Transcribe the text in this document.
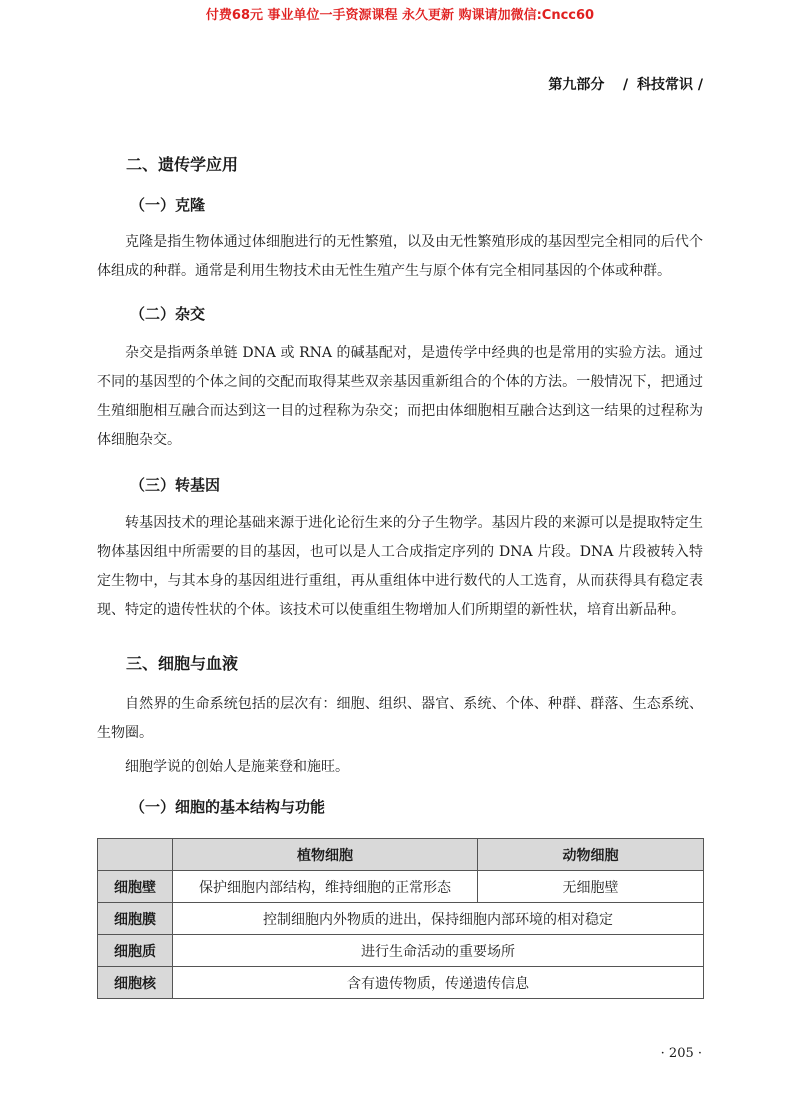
付费68元 事业单位一手资源课程 永久更新 购课请加微信:Cncc60
第九部分   / 科技常识 /
二、遗传学应用
（一）克隆

克隆是指生物体通过体细胞进行的无性繁殖，以及由无性繁殖形成的基因型完全相同的后代个体组成的种群。通常是利用生物技术由无性生殖产生与原个体有完全相同基因的个体或种群。

（二）杂交

杂交是指两条单链 DNA 或 RNA 的碱基配对，是遗传学中经典的也是常用的实验方法。通过不同的基因型的个体之间的交配而取得某些双亲基因重新组合的个体的方法。一般情况下，把通过生殖细胞相互融合而达到这一目的过程称为杂交；而把由体细胞相互融合达到这一结果的过程称为体细胞杂交。

（三）转基因

转基因技术的理论基础来源于进化论衍生来的分子生物学。基因片段的来源可以是提取特定生物体基因组中所需要的目的基因，也可以是人工合成指定序列的 DNA 片段。DNA 片段被转入特定生物中，与其本身的基因组进行重组，再从重组体中进行数代的人工选育，从而获得具有稳定表现、特定的遗传性状的个体。该技术可以使重组生物增加人们所期望的新性状，培育出新品种。

三、细胞与血液

自然界的生命系统包括的层次有：细胞、组织、器官、系统、个体、种群、群落、生态系统、生物圈。

细胞学说的创始人是施莱登和施旺。

（一）细胞的基本结构与功能
	植物细胞	动物细胞
细胞壁	保护细胞内部结构，维持细胞的正常形态	无细胞壁
细胞膜	控制细胞内外物质的进出，保持细胞内部环境的相对稳定	
细胞质	进行生命活动的重要场所	
细胞核	含有遗传物质，传递遗传信息	
· 205 ·
